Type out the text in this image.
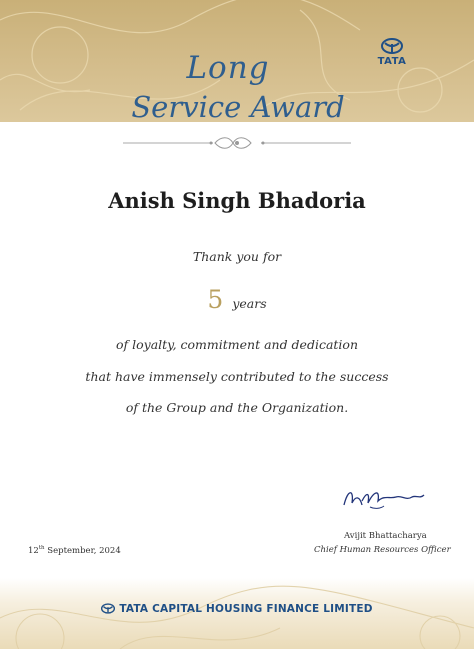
TATA
Long
Service Award
Anish Singh Bhadoria
Thank you for
5 years
of loyalty, commitment and dedication
that have immensely contributed to the success
of the Group and the Organization.
Avijit Bhattacharya
Chief Human Resources Officer
12th September, 2024
TATA CAPITAL HOUSING FINANCE LIMITED
